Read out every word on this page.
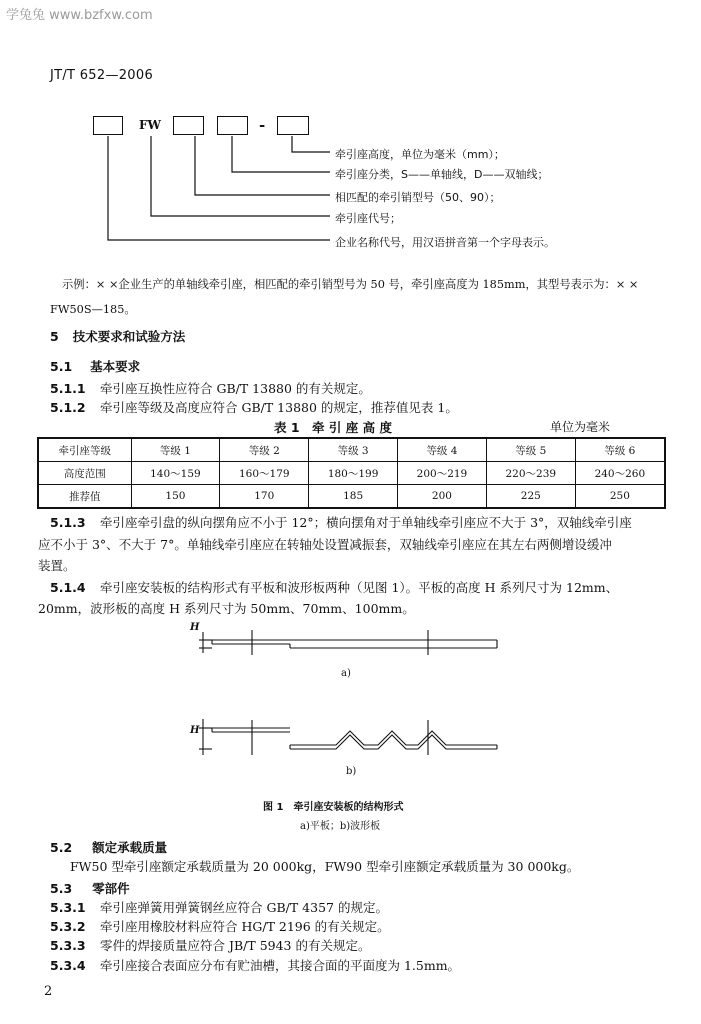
学兔兔 www.bzfxw.com
JT/T 652—2006
FW	-
牵引座高度，单位为毫米（mm）；
牵引座分类，S——单轴线，D——双轴线；
相匹配的牵引销型号（50、90）；
牵引座代号；
企业名称代号，用汉语拼音第一个字母表示。
示例：× ×企业生产的单轴线牵引座，相匹配的牵引销型号为 50 号，牵引座高度为 185mm，其型号表示为：× ×
FW50S—185。
5 技术要求和试验方法
5.1 基本要求
5.1.1 牵引座互换性应符合 GB/T 13880 的有关规定。
5.1.2 牵引座等级及高度应符合 GB/T 13880 的规定，推荐值见表 1。
表 1　牵 引 座 高 度	单位为毫米
牵引座等级	等级 1	等级 2	等级 3	等级 4	等级 5	等级 6
高度范围	140～159	160～179	180～199	200～219	220～239	240～260
推荐值	150	170	185	200	225	250
5.1.3 牵引座牵引盘的纵向摆角应不小于 12°；横向摆角对于单轴线牵引座应不大于 3°，双轴线牵引座
应不小于 3°、不大于 7°。单轴线牵引座应在转轴处设置减振套，双轴线牵引座应在其左右两侧增设缓冲
装置。
5.1.4 牵引座安装板的结构形式有平板和波形板两种（见图 1）。平板的高度 H 系列尺寸为 12mm、
20mm，波形板的高度 H 系列尺寸为 50mm、70mm、100mm。
H
H
a)
b)
图 1　牵引座安装板的结构形式
a)平板；b)波形板
5.2 额定承载质量
FW50 型牵引座额定承载质量为 20 000kg，FW90 型牵引座额定承载质量为 30 000kg。
5.3 零部件
5.3.1 牵引座弹簧用弹簧钢丝应符合 GB/T 4357 的规定。
5.3.2 牵引座用橡胶材料应符合 HG/T 2196 的有关规定。
5.3.3 零件的焊接质量应符合 JB/T 5943 的有关规定。
5.3.4 牵引座接合表面应分布有贮油槽，其接合面的平面度为 1.5mm。
2
